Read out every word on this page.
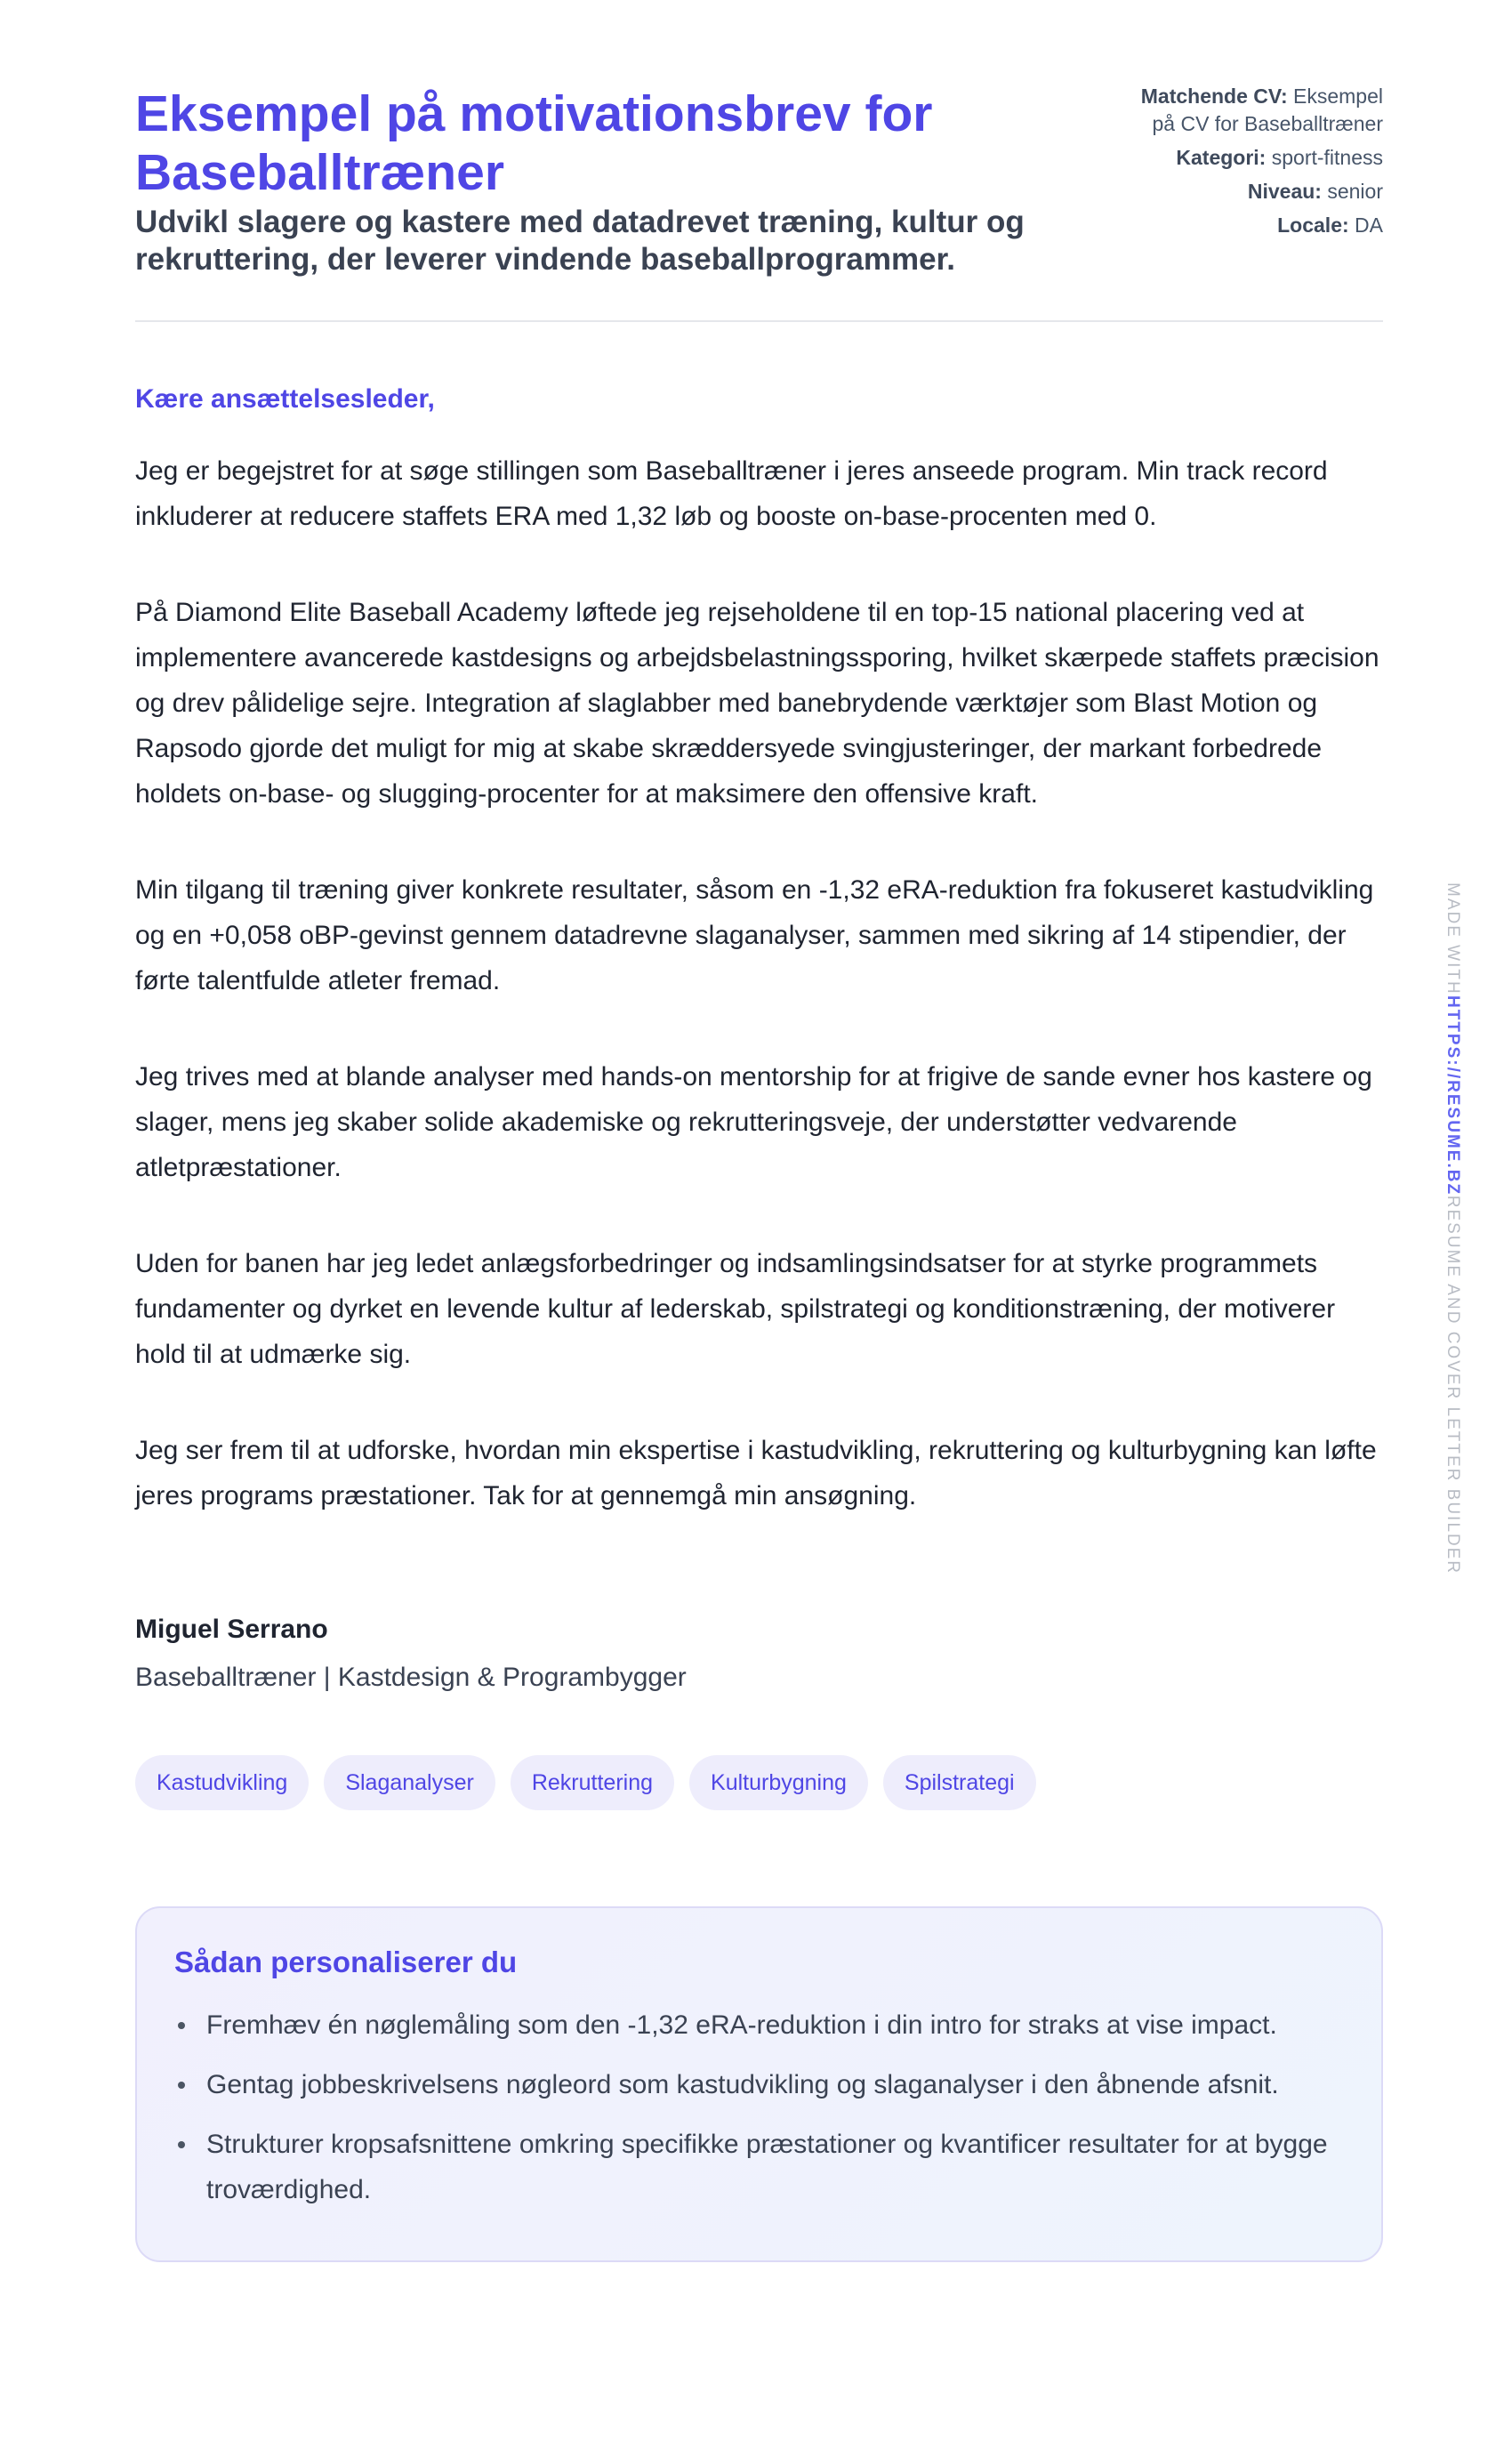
Eksempel på motivationsbrev for Baseballtræner
Udvikl slagere og kastere med datadrevet træning, kultur og rekruttering, der leverer vindende baseballprogrammer.
Matchende CV: Eksempel på CV for Baseballtræner
Kategori: sport-fitness
Niveau: senior
Locale: DA
Kære ansættelsesleder,

Jeg er begejstret for at søge stillingen som Baseballtræner i jeres anseede program. Min track record inkluderer at reducere staffets ERA med 1,32 løb og booste on-base-procenten med 0.

På Diamond Elite Baseball Academy løftede jeg rejseholdene til en top-15 national placering ved at implementere avancerede kastdesigns og arbejdsbelastningssporing, hvilket skærpede staffets præcision og drev pålidelige sejre. Integration af slaglabber med banebrydende værktøjer som Blast Motion og Rapsodo gjorde det muligt for mig at skabe skræddersyede svingjusteringer, der markant forbedrede holdets on-base- og slugging-procenter for at maksimere den offensive kraft.

Min tilgang til træning giver konkrete resultater, såsom en -1,32 eRA-reduktion fra fokuseret kastudvikling og en +0,058 oBP-gevinst gennem datadrevne slaganalyser, sammen med sikring af 14 stipendier, der førte talentfulde atleter fremad.

Jeg trives med at blande analyser med hands-on mentorship for at frigive de sande evner hos kastere og slager, mens jeg skaber solide akademiske og rekrutteringsveje, der understøtter vedvarende atletpræstationer.

Uden for banen har jeg ledet anlægsforbedringer og indsamlingsindsatser for at styrke programmets fundamenter og dyrket en levende kultur af lederskab, spilstrategi og konditionstræning, der motiverer hold til at udmærke sig.

Jeg ser frem til at udforske, hvordan min ekspertise i kastudvikling, rekruttering og kulturbygning kan løfte jeres programs præstationer. Tak for at gennemgå min ansøgning.

Miguel Serrano
Baseballtræner | Kastdesign & Programbygger
Kastudvikling	Slaganalyser	Rekruttering	Kulturbygning	Spilstrategi
Sådan personaliserer du
Fremhæv én nøglemåling som den -1,32 eRA-reduktion i din intro for straks at vise impact.
Gentag jobbeskrivelsens nøgleord som kastudvikling og slaganalyser i den åbnende afsnit.
Strukturer kropsafsnittene omkring specifikke præstationer og kvantificer resultater for at bygge troværdighed.
MADE WITHHTTPS://RESUME.BZRESUME AND COVER LETTER BUILDER
